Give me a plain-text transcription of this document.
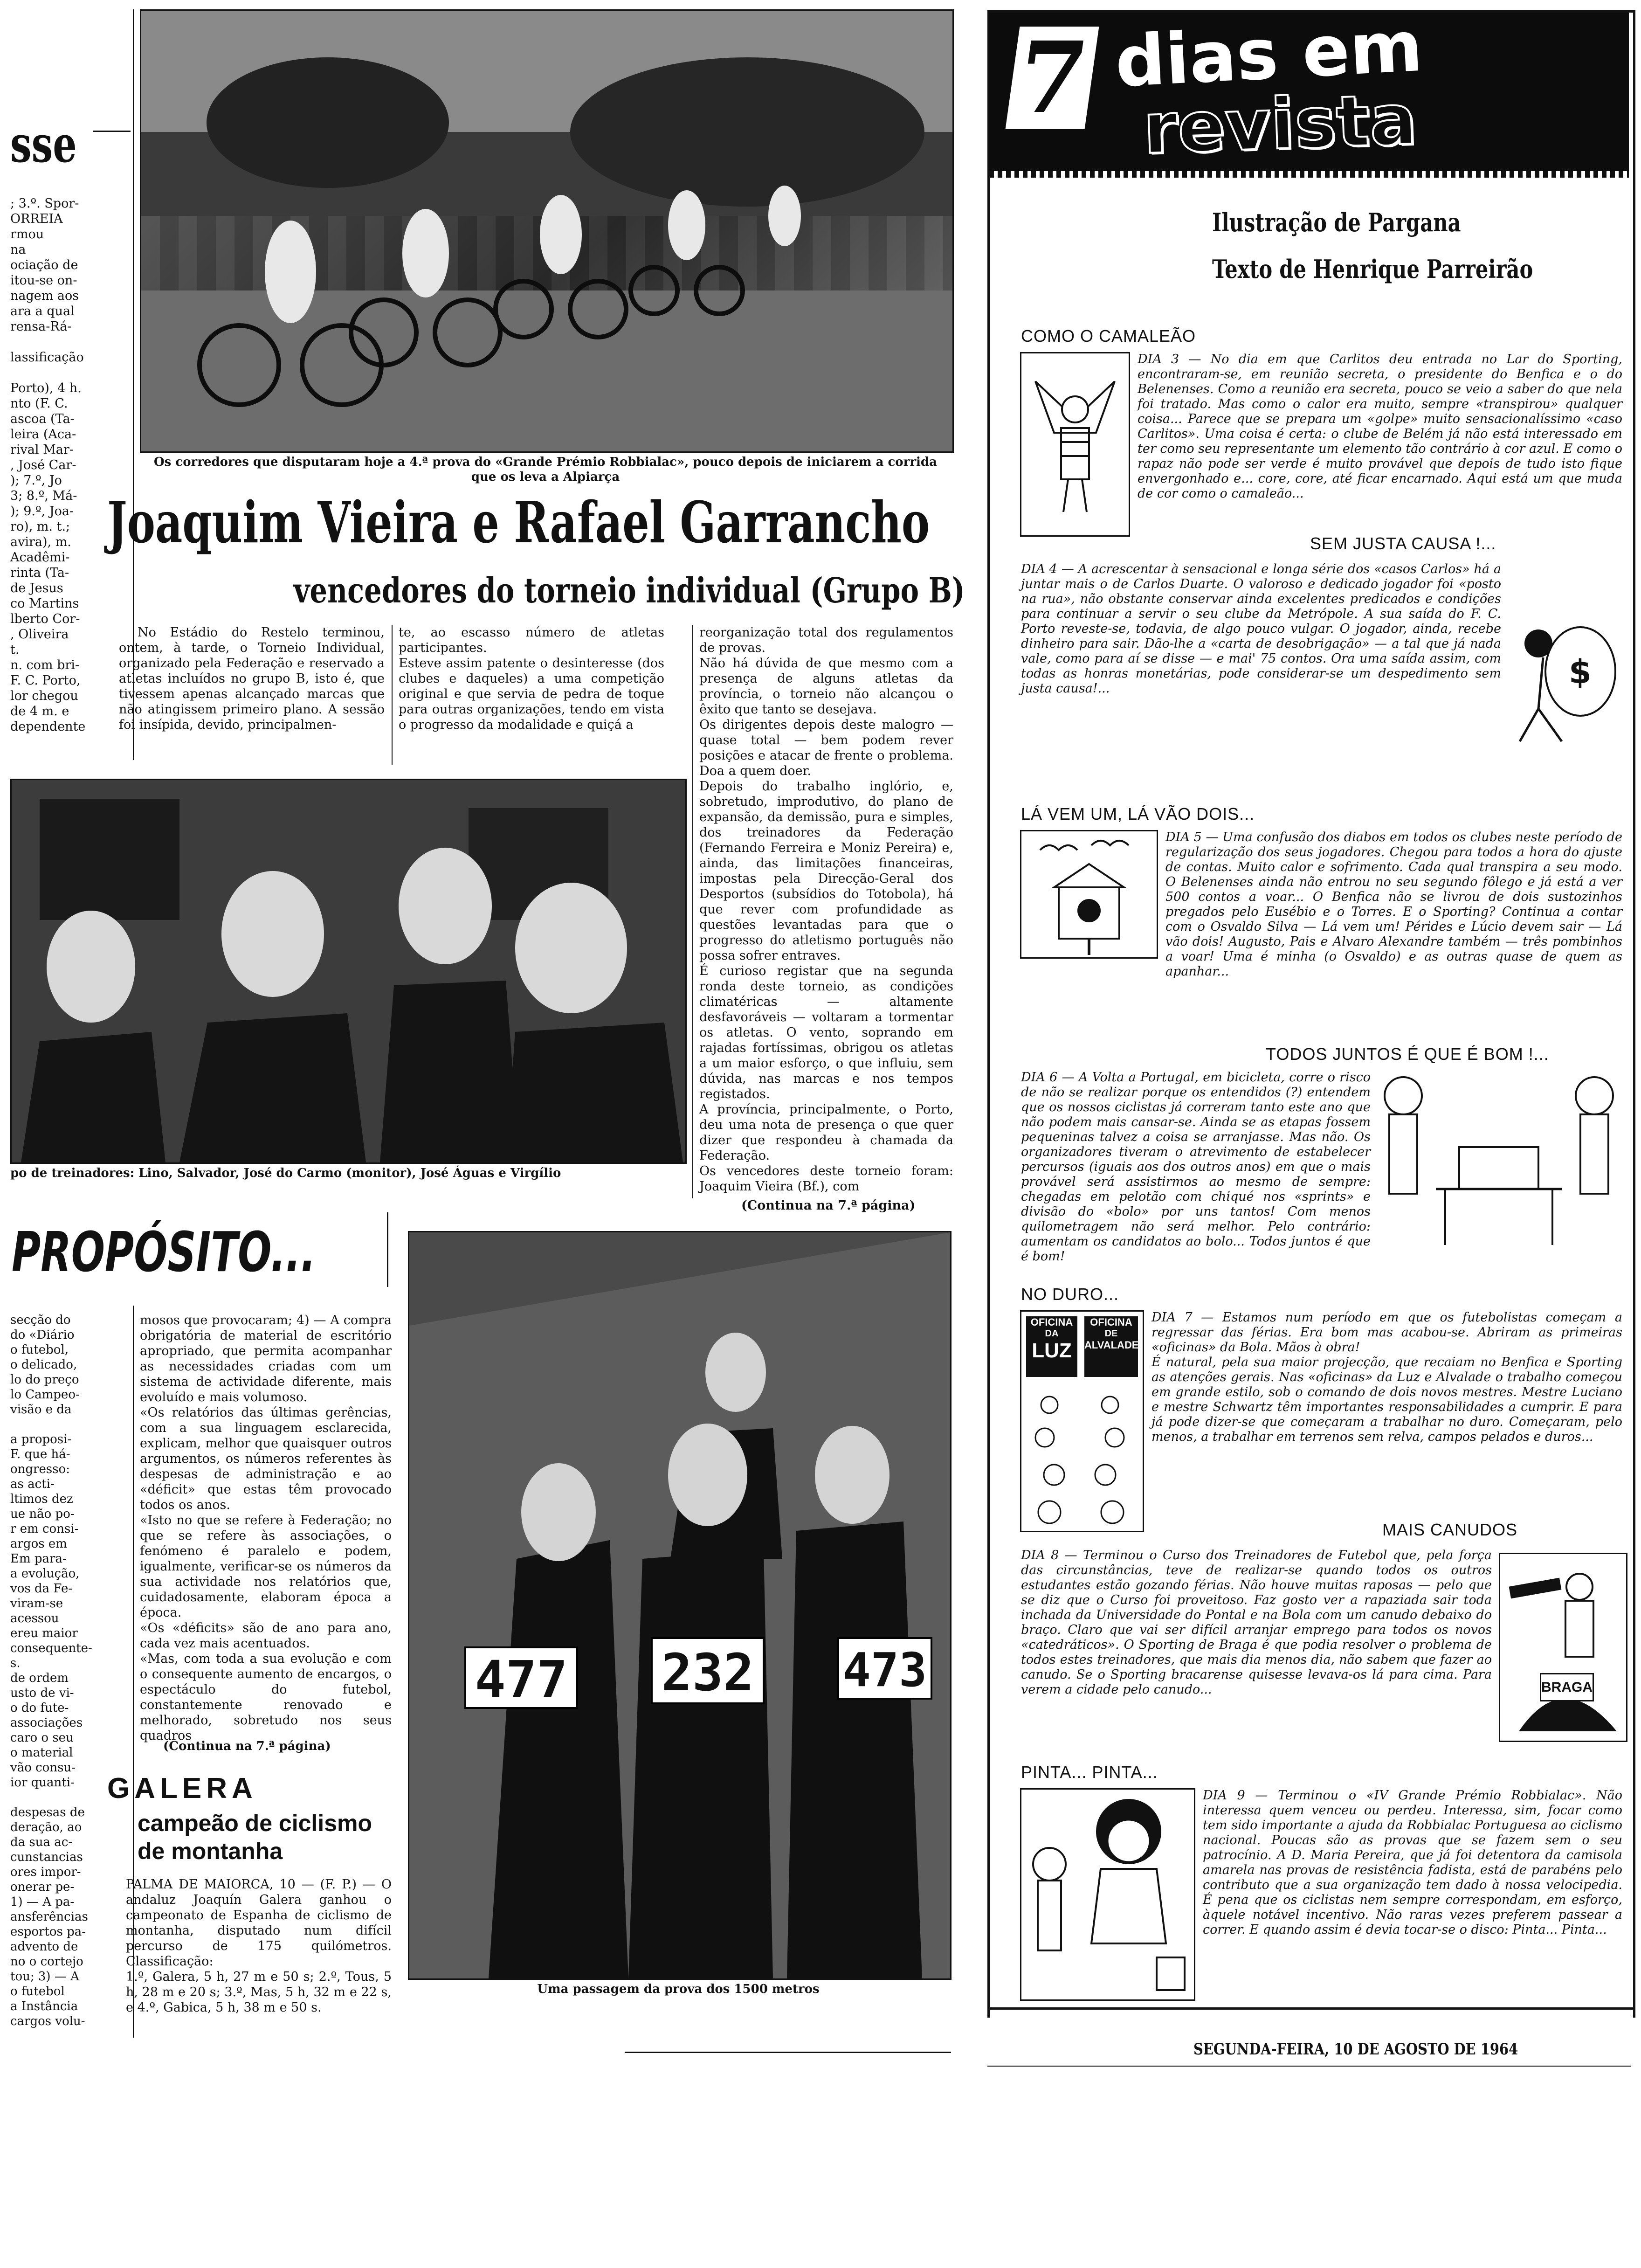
sse
; 3.º. Spor-
ORREIA
rmou
na
ociação de
itou-se on-
nagem aos
ara a qual
rensa-Rá-

lassificação

Porto), 4 h.
nto (F. C.
ascoa (Ta-
leira (Aca-
rival Mar-
, José Car-
); 7.º, Jo
3; 8.º, Má-
); 9.º, Joa-
ro), m. t.;
avira), m.
Acadêmi-
rinta (Ta-
de Jesus
co Martins
lberto Cor-
, Oliveira
t.
n. com bri-
F. C. Porto,
lor chegou
de 4 m. e
dependente
Os corredores que disputaram hoje a 4.ª prova do «Grande Prémio Robbialac», pouco depois de iniciarem a corrida
que os leva a Alpiarça
Joaquim Vieira e Rafael Garrancho
vencedores do torneio individual (Grupo B)
No Estádio do Restelo terminou, ontem, à tarde, o Torneio Individual, organizado pela Federação e reservado a atletas incluídos no grupo B, isto é, que tivessem apenas alcançado marcas que não atingissem primeiro plano. A sessão foi insípida, devido, principalmen-
te, ao escasso número de atletas participantes.
Esteve assim patente o desinteresse (dos clubes e daqueles) a uma competição original e que servia de pedra de toque para outras organizações, tendo em vista o progresso da modalidade e quiçá a
reorganização total dos regulamentos de provas.
Não há dúvida de que mesmo com a presença de alguns atletas da província, o torneio não alcançou o êxito que tanto se desejava.
Os dirigentes depois deste malogro — quase total — bem podem rever posições e atacar de frente o problema. Doa a quem doer.
Depois do trabalho inglório, e, sobretudo, improdutivo, do plano de expansão, da demissão, pura e simples, dos treinadores da Federação (Fernando Ferreira e Moniz Pereira) e, ainda, das limitações financeiras, impostas pela Direcção-Geral dos Desportos (subsídios do Totobola), há que rever com profundidade as questões levantadas para que o progresso do atletismo português não possa sofrer entraves.
É curioso registar que na segunda ronda deste torneio, as condições climatéricas — altamente desfavoráveis — voltaram a tormentar os atletas. O vento, soprando em rajadas fortíssimas, obrigou os atletas a um maior esforço, o que influiu, sem dúvida, nas marcas e nos tempos registados.
A província, principalmente, o Porto, deu uma nota de presença o que quer dizer que respondeu à chamada da Federação.
Os vencedores deste torneio foram: Joaquim Vieira (Bf.), com
(Continua na 7.ª página)
po de treinadores: Lino, Salvador, José do Carmo (monitor), José Águas e Virgílio
PROPÓSITO...
secção do
do «Diário
o futebol,
o delicado,
lo do preço
lo Campeo-
visão e da

a proposi-
F. que há-
ongresso:
as acti-
ltimos dez
ue não po-
r em consi-
argos em
Em para-
a evolução,
vos da Fe-
viram-se
acessou
ereu maior
consequente-
s.
de ordem
usto de vi-
o do fute-
associações
caro o seu
o material
vão consu-
ior quanti-

despesas de
deração, ao
da sua ac-
cunstancias
ores impor-
onerar pe-
1) — A pa-
ansferências
esportos pa-
advento de
no o cortejo
tou; 3) — A
o futebol
a Instância
cargos volu-
mosos que provocaram; 4) — A compra obrigatória de material de escritório apropriado, que permita acompanhar as necessidades criadas com um sistema de actividade diferente, mais evoluído e mais volumoso.
«Os relatórios das últimas gerências, com a sua linguagem esclarecida, explicam, melhor que quaisquer outros argumentos, os números referentes às despesas de administração e ao «déficit» que estas têm provocado todos os anos.
«Isto no que se refere à Federação; no que se refere às associações, o fenómeno é paralelo e podem, igualmente, verificar-se os números da sua actividade nos relatórios que, cuidadosamente, elaboram época a época.
«Os «déficits» são de ano para ano, cada vez mais acentuados.
«Mas, com toda a sua evolução e com o consequente aumento de encargos, o espectáculo do futebol, constantemente renovado e melhorado, sobretudo nos seus quadros
(Continua na 7.ª página)
GALERA
campeão de ciclismo
de montanha
PALMA DE MAIORCA, 10 — (F. P.) — O andaluz Joaquín Galera ganhou o campeonato de Espanha de ciclismo de montanha, disputado num difícil percurso de 175 quilómetros. Classificação:
1.º, Galera, 5 h, 27 m e 50 s; 2.º, Tous, 5 h, 28 m e 20 s; 3.º, Mas, 5 h, 32 m e 22 s, e 4.º, Gabica, 5 h, 38 m e 50 s.
477 232 473
Uma passagem da prova dos 1500 metros
7 dias em
revista
Ilustração de Pargana
Texto de Henrique Parreirão
COMO O CAMALEÃO
DIA 3 — No dia em que Carlitos deu entrada no Lar do Sporting, encontraram-se, em reunião secreta, o presidente do Benfica e o do Belenenses. Como a reunião era secreta, pouco se veio a saber do que nela foi tratado. Mas como o calor era muito, sempre «transpirou» qualquer coisa... Parece que se prepara um «golpe» muito sensacionalíssimo «caso Carlitos». Uma coisa é certa: o clube de Belém já não está interessado em ter como seu representante um elemento tão contrário à cor azul. E como o rapaz não pode ser verde é muito provável que depois de tudo isto fique envergonhado e... core, core, até ficar encarnado. Aqui está um que muda de cor como o camaleão...
SEM JUSTA CAUSA !...
DIA 4 — A acrescentar à sensacional e longa série dos «casos Carlos» há a juntar mais o de Carlos Duarte. O valoroso e dedicado jogador foi «posto na rua», não obstante conservar ainda excelentes predicados e condições para continuar a servir o seu clube da Metrópole. A sua saída do F. C. Porto reveste-se, todavia, de algo pouco vulgar. O jogador, ainda, recebe dinheiro para sair. Dão-lhe a «carta de desobrigação» — a tal que já nada vale, como para aí se disse — e mai' 75 contos. Ora uma saída assim, com todas as honras monetárias, pode considerar-se um despedimento sem justa causa!...	$
LÁ VEM UM, LÁ VÃO DOIS...
DIA 5 — Uma confusão dos diabos em todos os clubes neste período de regularização dos seus jogadores. Chegou para todos a hora do ajuste de contas. Muito calor e sofrimento. Cada qual transpira a seu modo. O Belenenses ainda não entrou no seu segundo fôlego e já está a ver 500 contos a voar... O Benfica não se livrou de dois sustozinhos pregados pelo Eusébio e o Torres. E o Sporting? Continua a contar com o Osvaldo Silva — Lá vem um! Pérides e Lúcio devem sair — Lá vão dois! Augusto, Pais e Alvaro Alexandre também — três pombinhos a voar! Uma é minha (o Osvaldo) e as outras quase de quem as apanhar...
TODOS JUNTOS É QUE É BOM !...
DIA 6 — A Volta a Portugal, em bicicleta, corre o risco de não se realizar porque os entendidos (?) entendem que os nossos ciclistas já correram tanto este ano que não podem mais cansar-se. Ainda se as etapas fossem pequeninas talvez a coisa se arranjasse. Mas não. Os organizadores tiveram o atrevimento de estabelecer percursos (iguais aos dos outros anos) em que o mais provável será assistirmos ao mesmo de sempre: chegadas em pelotão com chiqué nos «sprints» e divisão do «bolo» por uns tantos! Com menos quilometragem não será melhor. Pelo contrário: aumentam os candidatos ao bolo... Todos juntos é que é bom!
NO DURO...
OFICINA
DA
LUZ
OFICINA
DE
ALVALADE
DIA 7 — Estamos num período em que os futebolistas começam a regressar das férias. Era bom mas acabou-se. Abriram as primeiras «oficinas» da Bola. Mãos à obra!
É natural, pela sua maior projecção, que recaiam no Benfica e Sporting as atenções gerais. Nas «oficinas» da Luz e Alvalade o trabalho começou em grande estilo, sob o comando de dois novos mestres. Mestre Luciano e mestre Schwartz têm importantes responsabilidades a cumprir. E para já pode dizer-se que começaram a trabalhar no duro. Começaram, pelo menos, a trabalhar em terrenos sem relva, campos pelados e duros...
MAIS CANUDOS
DIA 8 — Terminou o Curso dos Treinadores de Futebol que, pela força das circunstâncias, teve de realizar-se quando todos os outros estudantes estão gozando férias. Não houve muitas raposas — pelo que se diz que o Curso foi proveitoso. Faz gosto ver a rapaziada sair toda inchada da Universidade do Pontal e na Bola com um canudo debaixo do braço. Claro que vai ser difícil arranjar emprego para todos os novos «catedráticos». O Sporting de Braga é que podia resolver o problema de todos estes treinadores, que mais dia menos dia, não sabem que fazer ao canudo. Se o Sporting bracarense quisesse levava-os lá para cima. Para verem a cidade pelo canudo...	BRAGA
PINTA... PINTA...
DIA 9 — Terminou o «IV Grande Prémio Robbialac». Não interessa quem venceu ou perdeu. Interessa, sim, focar como tem sido importante a ajuda da Robbialac Portuguesa ao ciclismo nacional. Poucas são as provas que se fazem sem o seu patrocínio. A D. Maria Pereira, que já foi detentora da camisola amarela nas provas de resistência fadista, está de parabéns pelo contributo que a sua organização tem dado à nossa velocipedia. É pena que os ciclistas nem sempre correspondam, em esforço, àquele notável incentivo. Não raras vezes preferem passear a correr. E quando assim é devia tocar-se o disco: Pinta... Pinta...
SEGUNDA-FEIRA, 10 DE AGOSTO DE 1964
